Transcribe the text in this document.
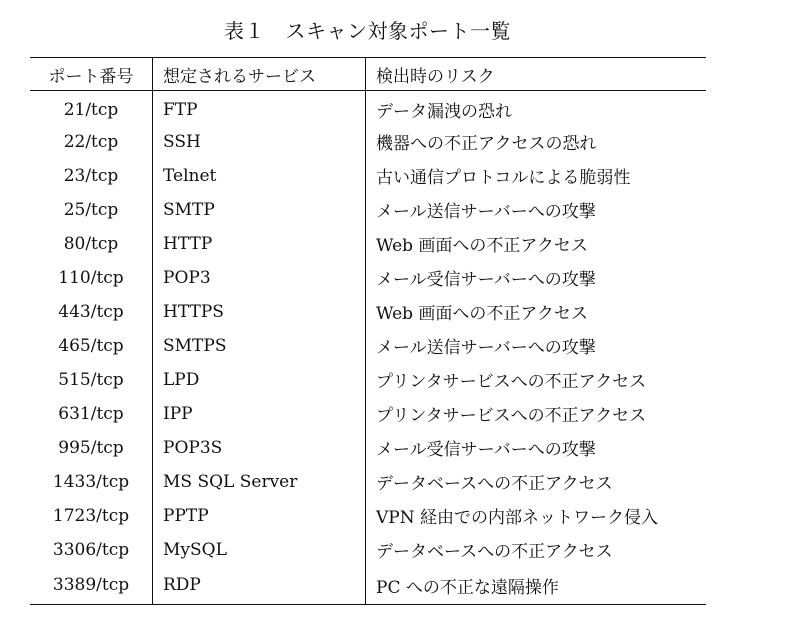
表１　スキャン対象ポート一覧
ポート番号	想定されるサービス	検出時のリスク
21/tcp	FTP	データ漏洩の恐れ
22/tcp	SSH	機器への不正アクセスの恐れ
23/tcp	Telnet	古い通信プロトコルによる脆弱性
25/tcp	SMTP	メール送信サーバーへの攻撃
80/tcp	HTTP	Web 画面への不正アクセス
110/tcp	POP3	メール受信サーバーへの攻撃
443/tcp	HTTPS	Web 画面への不正アクセス
465/tcp	SMTPS	メール送信サーバーへの攻撃
515/tcp	LPD	プリンタサービスへの不正アクセス
631/tcp	IPP	プリンタサービスへの不正アクセス
995/tcp	POP3S	メール受信サーバーへの攻撃
1433/tcp	MS SQL Server	データベースへの不正アクセス
1723/tcp	PPTP	VPN 経由での内部ネットワーク侵入
3306/tcp	MySQL	データベースへの不正アクセス
3389/tcp	RDP	PC への不正な遠隔操作
